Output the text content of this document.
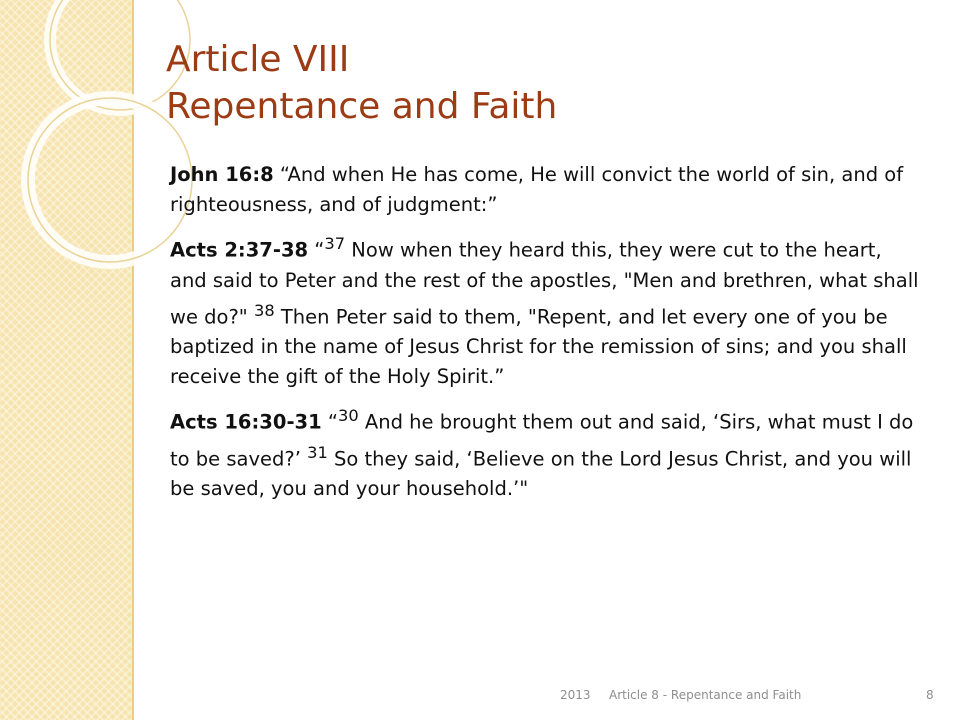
Article VIII
Repentance and Faith

John 16:8 “And when He has come, He will convict the world of sin, and of righteousness, and of judgment:”

Acts 2:37-38 “$^{37}$ Now when they heard this, they were cut to the heart, and said to Peter and the rest of the apostles, "Men and brethren, what shall we do?" $^{38}$ Then Peter said to them, "Repent, and let every one of you be baptized in the name of Jesus Christ for the remission of sins; and you shall receive the gift of the Holy Spirit.”

Acts 16:30-31 “$^{30}$ And he brought them out and said, ‘Sirs, what must I do to be saved?’ $^{31}$ So they said, ‘Believe on the Lord Jesus Christ, and you will be saved, you and your household.’"

2013 Article 8 - Repentance and Faith	8
